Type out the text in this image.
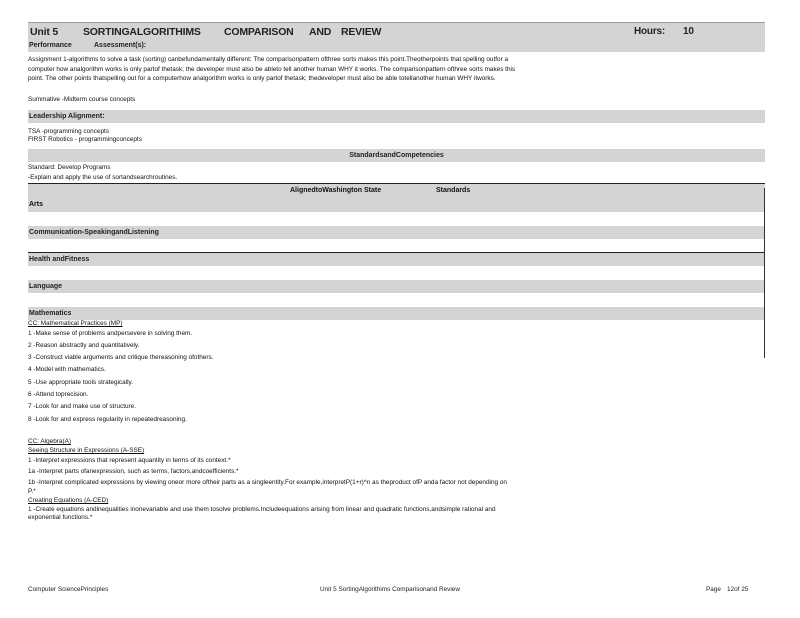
Unit 5 SORTINGALGORITHIMS COMPARISON AND REVIEW	Hours: 10
Performance	Assessment(s):
Assignment 1-algorithms to solve a task (sorting) canbefundamentally different: The comparisonpattern ofthree sorts makes this point.Theotherpoints that spelling outfor a
computer how analgorithm works is only partof thetask; the developer must also be ableto tell another human WHY it works. The comparisonpattern ofthree sorts makes this
point. The other points thatspelling out for a computerhow analgorithm works is only partof thetask; thedeveloper must also be able totellanother human WHY itworks.
Summative -Midterm course concepts
Leadership Alignment:
TSA -programming concepts
FIRST Robotics - programmingconcepts
StandardsandCompetencies
Standard: Develop Programs
-Explain and apply the use of sortandsearchroutines.
AlignedtoWashington State	Standards
Arts
Communication-SpeakingandListening
Health andFitness
Language
Mathematics
CC: Mathematical Practices (MP)
1 -Make sense of problems andpersevere in solving them.
2 -Reason abstractly and quantitatively.
3 -Construct viable arguments and critique thereasoning ofothers.
4 -Model with mathematics.
5 -Use appropriate tools strategically.
6 -Attend toprecision.
7 -Look for and make use of structure.
8 -Look for and express regularity in repeatedreasoning.
CC: Algebra(A)
Seeing Structure in Expressions (A-SSE)
1 -Interpret expressions that represent aquantity in terms of its context.*
1a -Interpret parts ofanexpression, such as terms, factors,andcoefficients.*
1b -Interpret complicated expressions by viewing oneor more oftheir parts as a singleentity.For example,interpretP(1+r)^n as theproduct ofP anda factor not depending on
P.*
Creating Equations (A-CED)
1 -Create equations andinequalities inonevariable and use them tosolve problems.Includeequations arising from linear and quadratic functions,andsimple rational and
exponential functions.*
Computer SciencePrinciples	Unit 5 SortingAlgorithims Comparisonand Review	Page 12of 25
